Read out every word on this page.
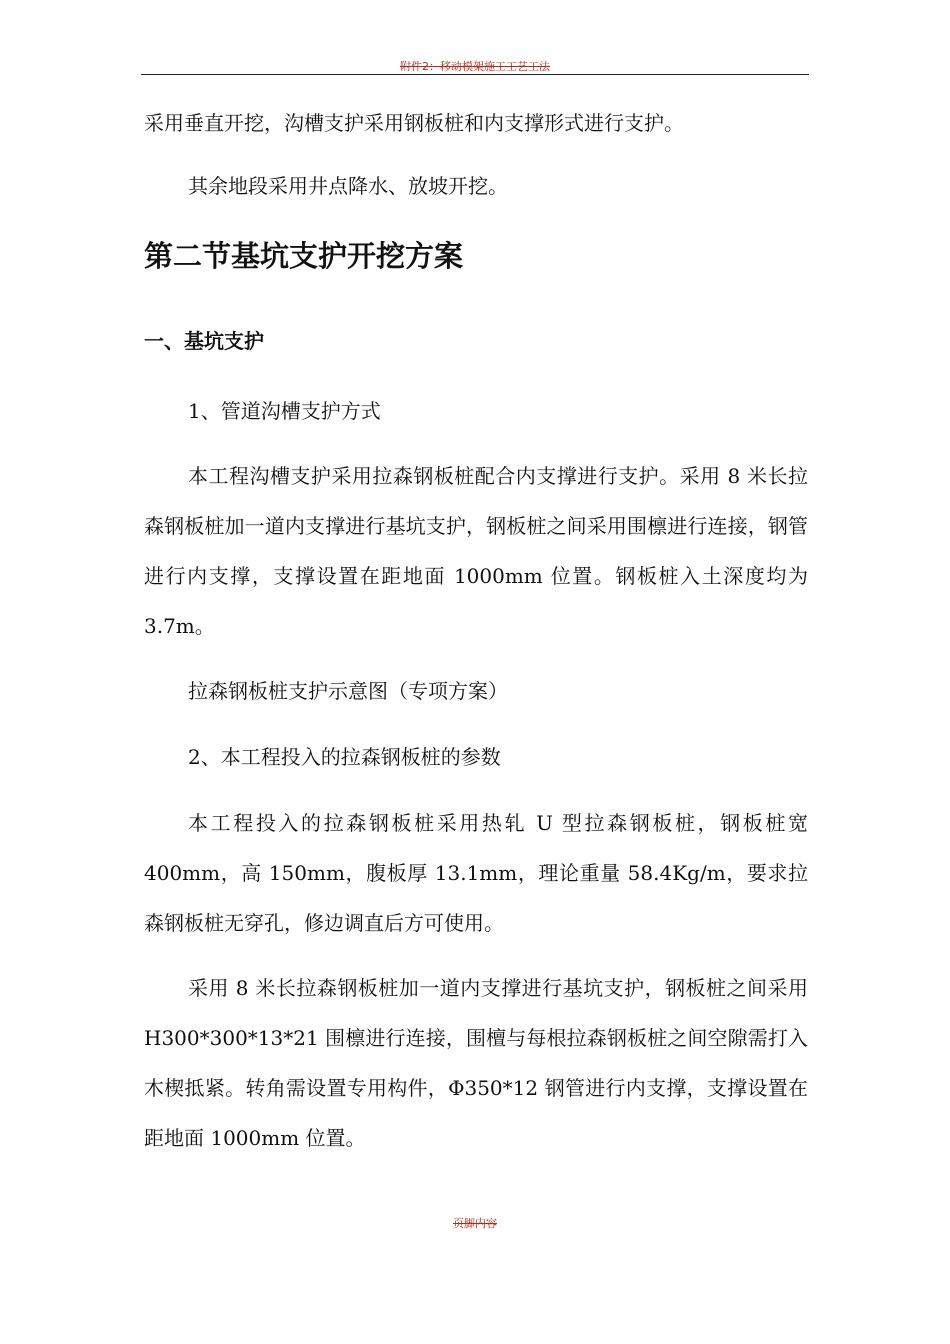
附件2：移动模架施工工艺工法

采用垂直开挖，沟槽支护采用钢板桩和内支撑形式进行支护。

其余地段采用井点降水、放坡开挖。

第二节基坑支护开挖方案
一、基坑支护

1、管道沟槽支护方式

本工程沟槽支护采用拉森钢板桩配合内支撑进行支护。采用 8 米长拉森钢板桩加一道内支撑进行基坑支护，钢板桩之间采用围檩进行连接，钢管进行内支撑，支撑设置在距地面 1000mm 位置。钢板桩入土深度均为 3.7m。

拉森钢板桩支护示意图（专项方案）

2、本工程投入的拉森钢板桩的参数

本工程投入的拉森钢板桩采用热轧 U 型拉森钢板桩，钢板桩宽 400mm，高 150mm，腹板厚 13.1mm，理论重量 58.4Kg/m，要求拉森钢板桩无穿孔，修边调直后方可使用。

采用 8 米长拉森钢板桩加一道内支撑进行基坑支护，钢板桩之间采用 H300*300*13*21 围檩进行连接，围檀与每根拉森钢板桩之间空隙需打入木楔抵紧。转角需设置专用构件，Φ350*12 钢管进行内支撑，支撑设置在距地面 1000mm 位置。

页脚内容
